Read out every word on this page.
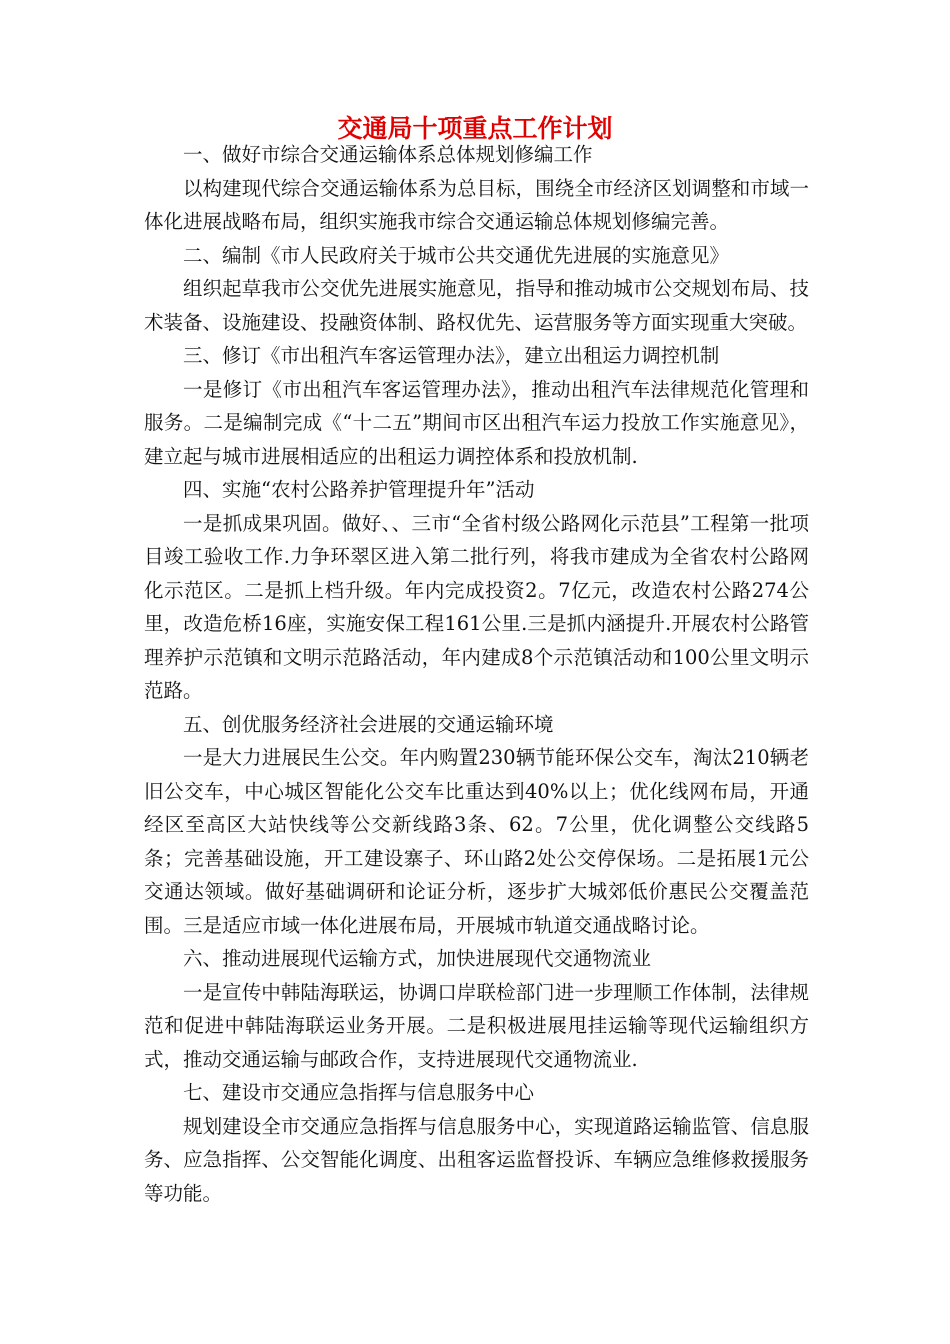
交通局十项重点工作计划

一、做好市综合交通运输体系总体规划修编工作

以构建现代综合交通运输体系为总目标，围绕全市经济区划调整和市域一体化进展战略布局，组织实施我市综合交通运输总体规划修编完善。

二、编制《市人民政府关于城市公共交通优先进展的实施意见》

组织起草我市公交优先进展实施意见，指导和推动城市公交规划布局、技术装备、设施建设、投融资体制、路权优先、运营服务等方面实现重大突破。

三、修订《市出租汽车客运管理办法》，建立出租运力调控机制

一是修订《市出租汽车客运管理办法》，推动出租汽车法律规范化管理和服务。二是编制完成《“十二五”期间市区出租汽车运力投放工作实施意见》，建立起与城市进展相适应的出租运力调控体系和投放机制.

四、实施“农村公路养护管理提升年”活动

一是抓成果巩固。做好、、三市“全省村级公路网化示范县”工程第一批项目竣工验收工作.力争环翠区进入第二批行列，将我市建成为全省农村公路网化示范区。二是抓上档升级。年内完成投资2。7亿元，改造农村公路274公里，改造危桥16座，实施安保工程161公里.三是抓内涵提升.开展农村公路管理养护示范镇和文明示范路活动，年内建成8个示范镇活动和100公里文明示范路。

五、创优服务经济社会进展的交通运输环境

一是大力进展民生公交。年内购置230辆节能环保公交车，淘汰210辆老旧公交车，中心城区智能化公交车比重达到40%以上；优化线网布局，开通经区至高区大站快线等公交新线路3条、62。7公里，优化调整公交线路5条；完善基础设施，开工建设寨子、环山路2处公交停保场。二是拓展1元公交通达领域。做好基础调研和论证分析，逐步扩大城郊低价惠民公交覆盖范围。三是适应市域一体化进展布局，开展城市轨道交通战略讨论。

六、推动进展现代运输方式，加快进展现代交通物流业

一是宣传中韩陆海联运，协调口岸联检部门进一步理顺工作体制，法律规范和促进中韩陆海联运业务开展。二是积极进展甩挂运输等现代运输组织方式，推动交通运输与邮政合作，支持进展现代交通物流业.

七、建设市交通应急指挥与信息服务中心

规划建设全市交通应急指挥与信息服务中心，实现道路运输监管、信息服务、应急指挥、公交智能化调度、出租客运监督投诉、车辆应急维修救援服务等功能。
